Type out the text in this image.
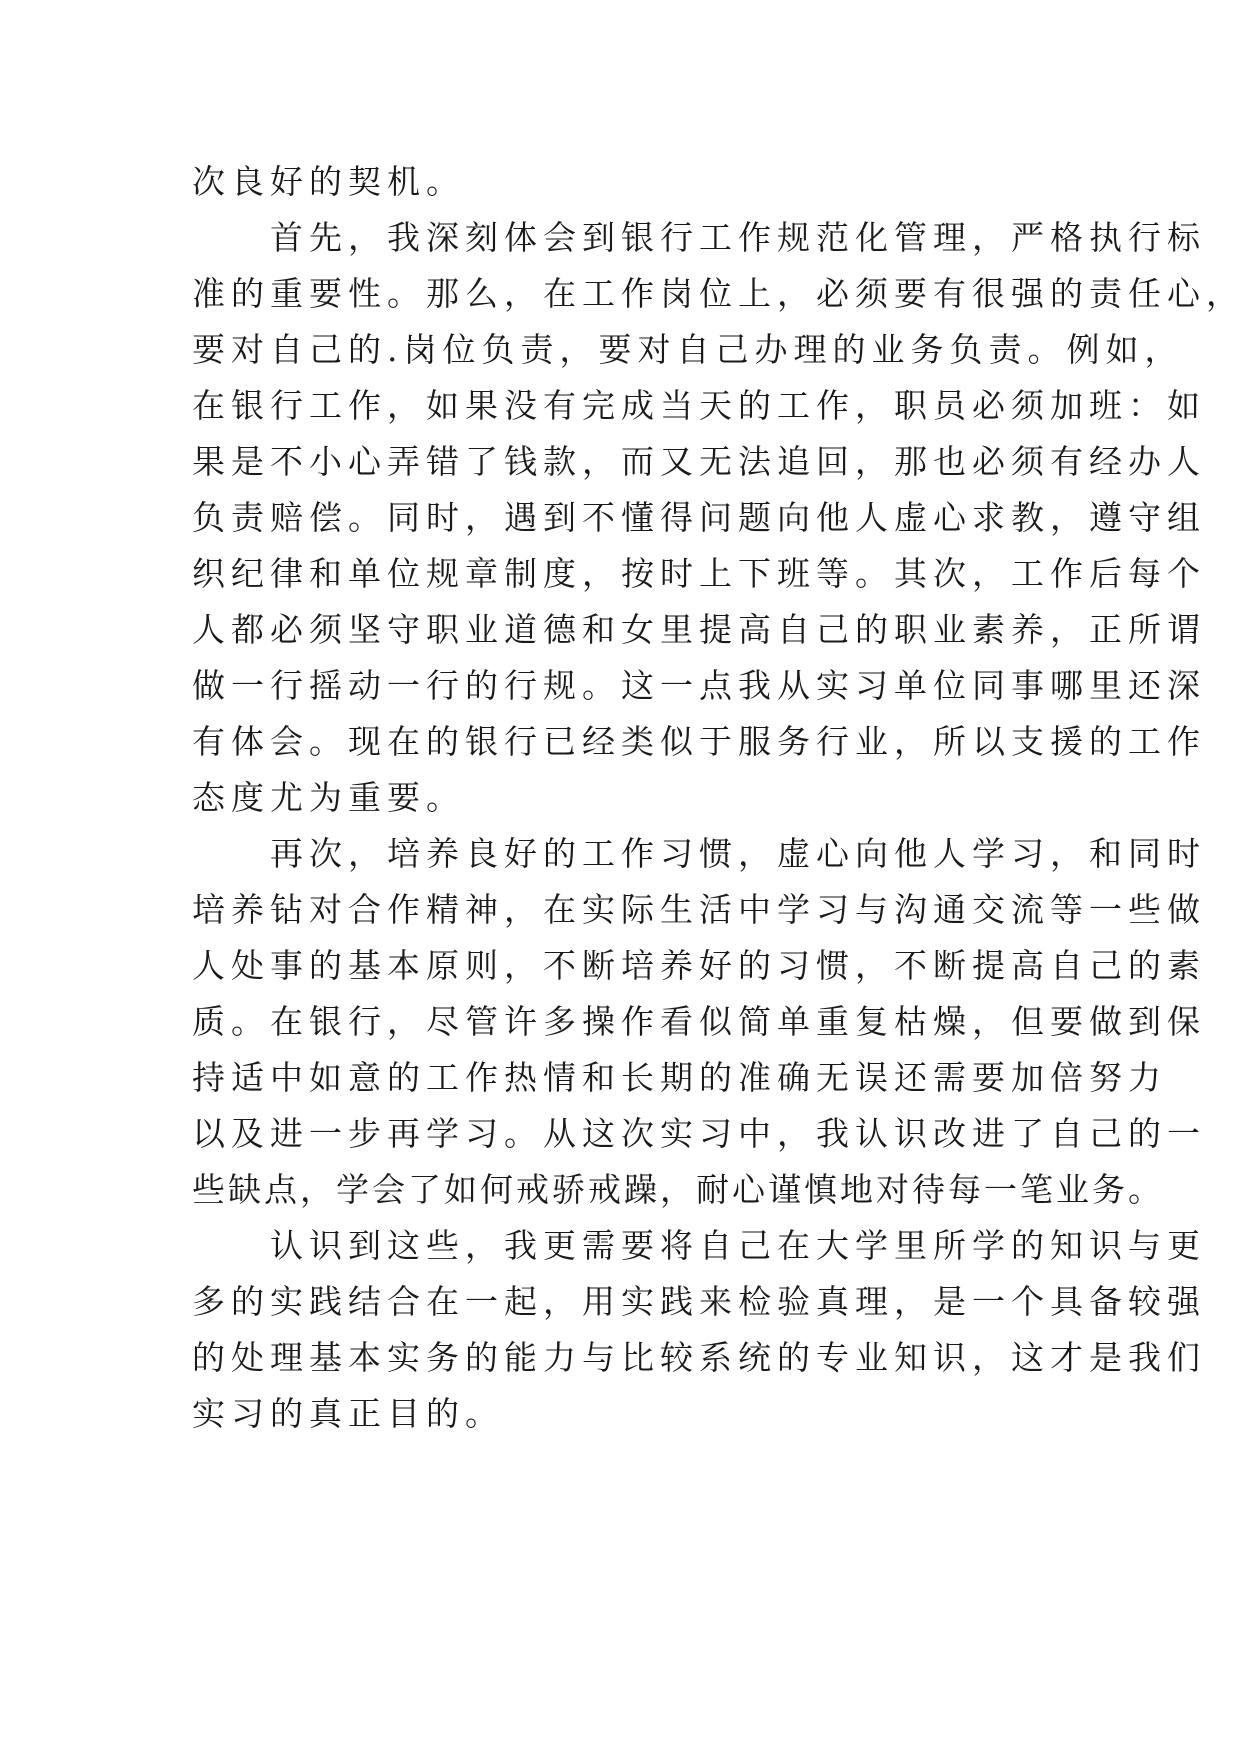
次良好的契机。
首先，我深刻体会到银行工作规范化管理，严格执行标
准的重要性。那么，在工作岗位上，必须要有很强的责任心，
要对自己的.岗位负责，要对自己办理的业务负责。例如，
在银行工作，如果没有完成当天的工作，职员必须加班：如
果是不小心弄错了钱款，而又无法追回，那也必须有经办人
负责赔偿。同时，遇到不懂得问题向他人虚心求教，遵守组
织纪律和单位规章制度，按时上下班等。其次，工作后每个
人都必须坚守职业道德和女里提高自己的职业素养，正所谓
做一行摇动一行的行规。这一点我从实习单位同事哪里还深
有体会。现在的银行已经类似于服务行业，所以支援的工作
态度尤为重要。
再次，培养良好的工作习惯，虚心向他人学习，和同时
培养钻对合作精神，在实际生活中学习与沟通交流等一些做
人处事的基本原则，不断培养好的习惯，不断提高自己的素
质。在银行，尽管许多操作看似简单重复枯燥，但要做到保
持适中如意的工作热情和长期的准确无误还需要加倍努力
以及进一步再学习。从这次实习中，我认识改进了自己的一
些缺点，学会了如何戒骄戒躁，耐心谨慎地对待每一笔业务。
认识到这些，我更需要将自己在大学里所学的知识与更
多的实践结合在一起，用实践来检验真理，是一个具备较强
的处理基本实务的能力与比较系统的专业知识，这才是我们
实习的真正目的。
